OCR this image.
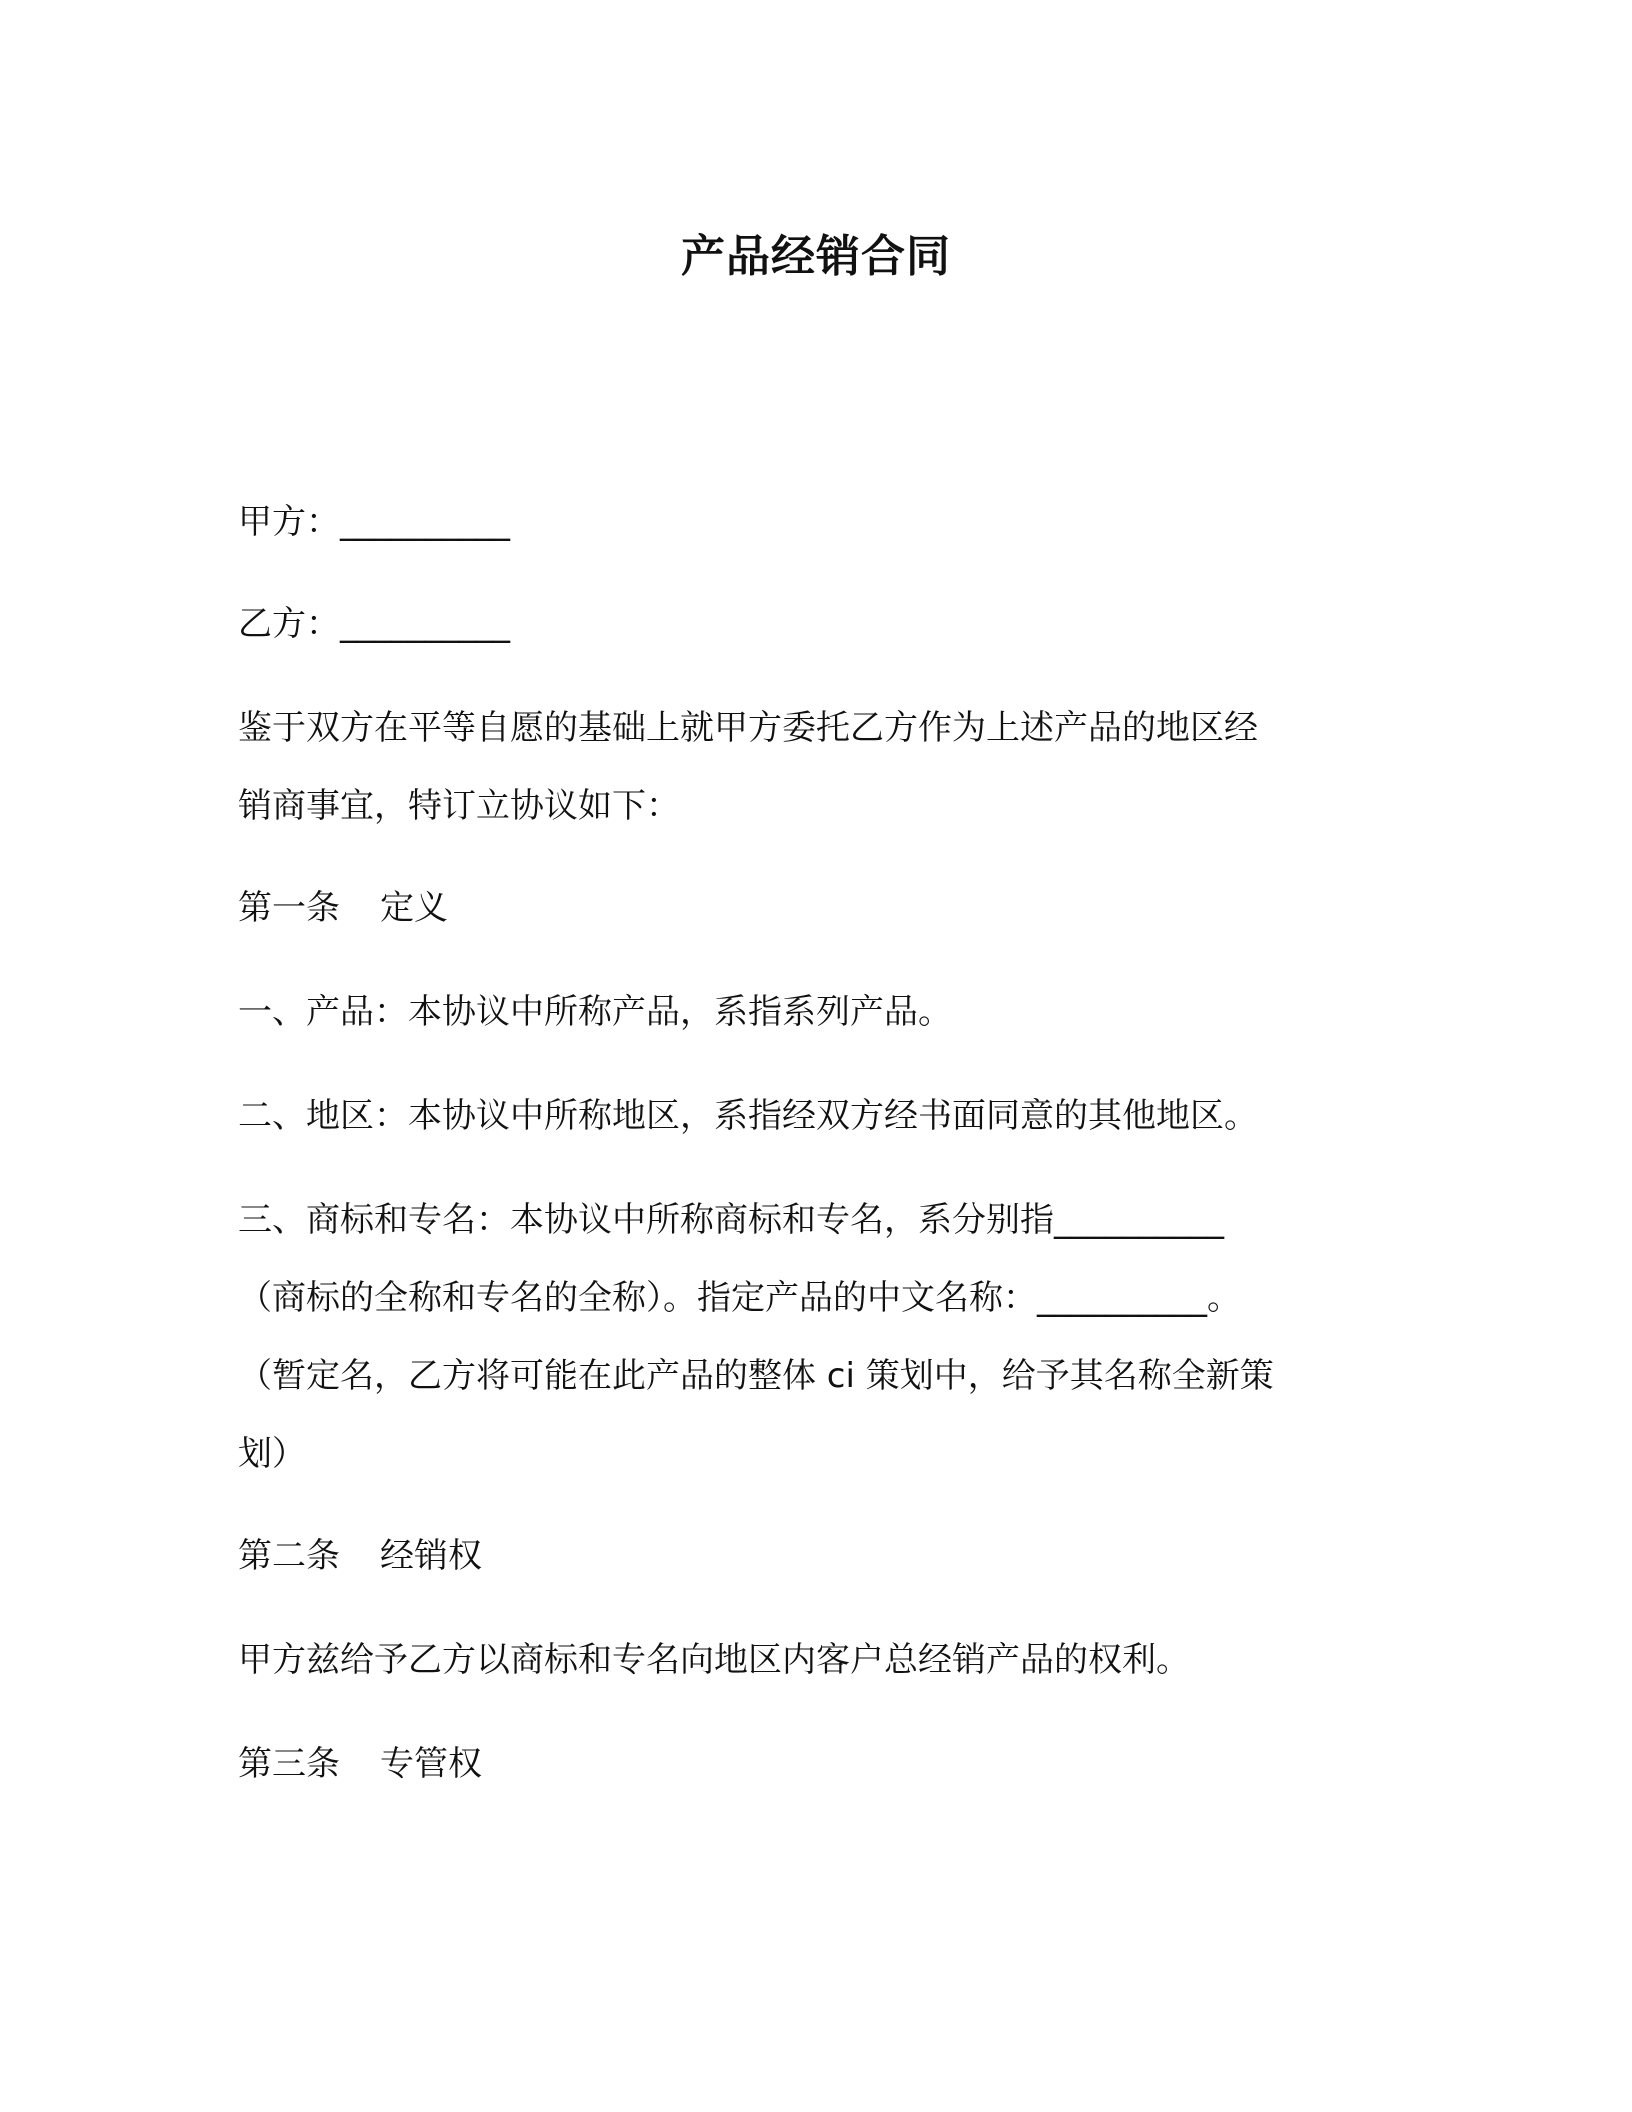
产品经销合同
甲方：__________
乙方：__________
鉴于双方在平等自愿的基础上就甲方委托乙方作为上述产品的地区经
销商事宜，特订立协议如下：
第一条 定义
一、产品：本协议中所称产品，系指系列产品。
二、地区：本协议中所称地区，系指经双方经书面同意的其他地区。
三、商标和专名：本协议中所称商标和专名，系分别指__________
（商标的全称和专名的全称）。指定产品的中文名称：__________。
（暂定名，乙方将可能在此产品的整体 ci 策划中，给予其名称全新策
划）
第二条 经销权
甲方兹给予乙方以商标和专名向地区内客户总经销产品的权利。
第三条 专管权
